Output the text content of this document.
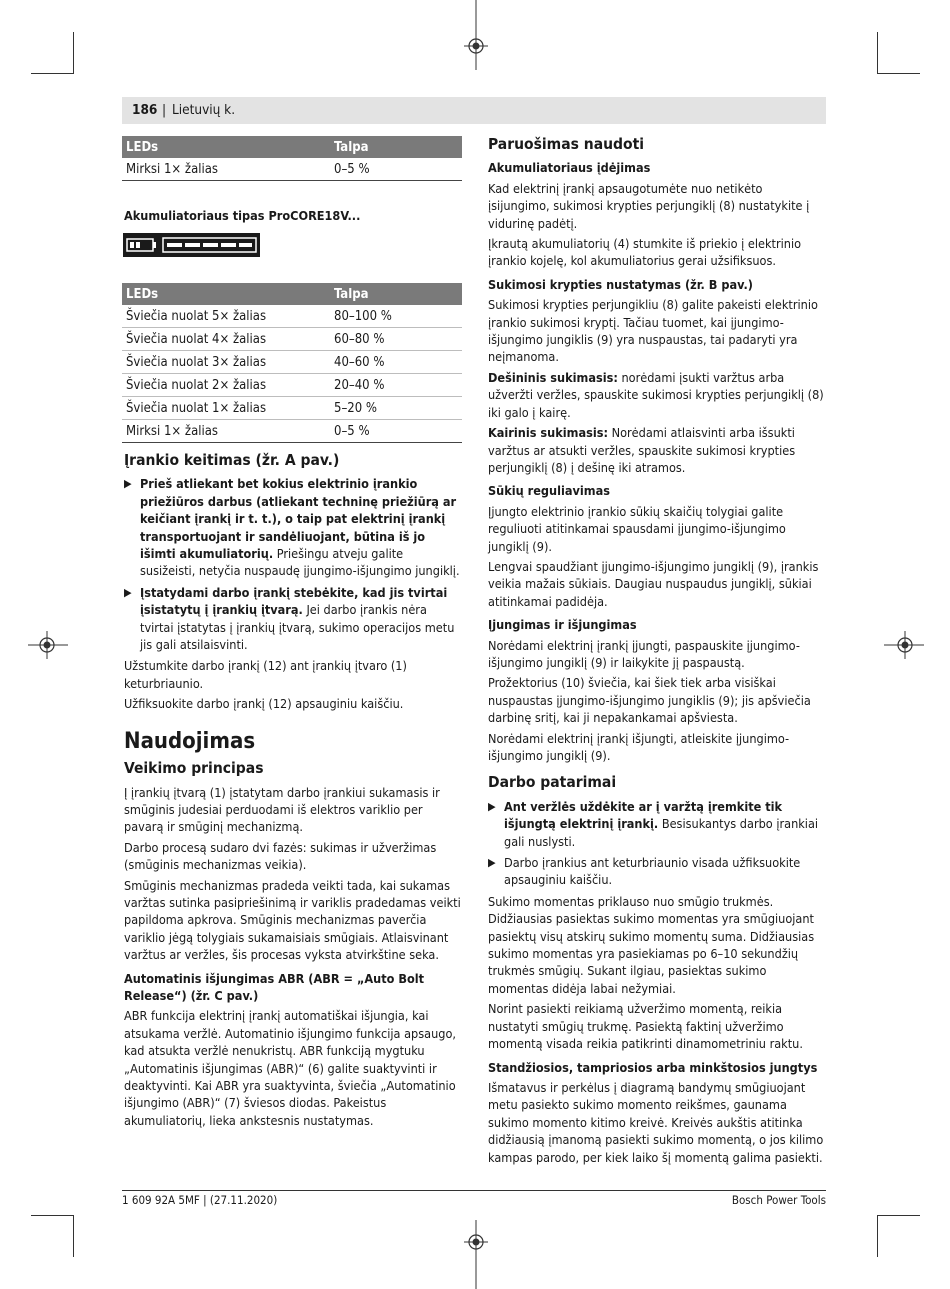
186 | Lietuvių k.
LEDs	Talpa
Mirksi 1× žalias	0–5 %
Akumuliatoriaus tipas ProCORE18V...
LEDs	Talpa
Šviečia nuolat 5× žalias	80–100 %
Šviečia nuolat 4× žalias	60–80 %
Šviečia nuolat 3× žalias	40–60 %
Šviečia nuolat 2× žalias	20–40 %
Šviečia nuolat 1× žalias	5–20 %
Mirksi 1× žalias	0–5 %
Įrankio keitimas (žr. A pav.)
▶ Prieš atliekant bet kokius elektrinio įrankio priežiūros darbus (atliekant techninę priežiūrą ar keičiant įrankį ir t. t.), o taip pat elektrinį įrankį transportuojant ir sandėliuojant, būtina iš jo išimti akumuliatorių. Priešingu atveju galite susižeisti, netyčia nuspaudę įjungimo-išjungimo jungiklį.
▶ Įstatydami darbo įrankį stebėkite, kad jis tvirtai įsistatytų į įrankių įtvarą. Jei darbo įrankis nėra tvirtai įstatytas į įrankių įtvarą, sukimo operacijos metu jis gali atsilaisvinti.

Užstumkite darbo įrankį (12) ant įrankių įtvaro (1) keturbriaunio.

Užfiksuokite darbo įrankį (12) apsauginiu kaiščiu.

Naudojimas
Veikimo principas

Į įrankių įtvarą (1) įstatytam darbo įrankiui sukamasis ir smūginis judesiai perduodami iš elektros variklio per pavarą ir smūginį mechanizmą.

Darbo procesą sudaro dvi fazės: sukimas ir užveržimas (smūginis mechanizmas veikia).

Smūginis mechanizmas pradeda veikti tada, kai sukamas varžtas sutinka pasipriešinimą ir variklis pradedamas veikti papildoma apkrova. Smūginis mechanizmas paverčia variklio jėgą tolygiais sukamaisiais smūgiais. Atlaisvinant varžtus ar veržles, šis procesas vyksta atvirkštine seka.

Automatinis išjungimas ABR (ABR = „Auto Bolt Release“) (žr. C pav.)

ABR funkcija elektrinį įrankį automatiškai išjungia, kai atsukama veržlė. Automatinio išjungimo funkcija apsaugo, kad atsukta veržlė nenukristų. ABR funkciją mygtuku „Automatinis išjungimas (ABR)“ (6) galite suaktyvinti ir deaktyvinti. Kai ABR yra suaktyvinta, šviečia „Automatinio išjungimo (ABR)“ (7) šviesos diodas. Pakeistus akumuliatorių, lieka ankstesnis nustatymas.

Paruošimas naudoti
Akumuliatoriaus įdėjimas

Kad elektrinį įrankį apsaugotumėte nuo netikėto įsijungimo, sukimosi krypties perjungiklį (8) nustatykite į vidurinę padėtį.

Įkrautą akumuliatorių (4) stumkite iš priekio į elektrinio įrankio kojelę, kol akumuliatorius gerai užsifiksuos.

Sukimosi krypties nustatymas (žr. B pav.)

Sukimosi krypties perjungikliu (8) galite pakeisti elektrinio įrankio sukimosi kryptį. Tačiau tuomet, kai įjungimo-išjungimo jungiklis (9) yra nuspaustas, tai padaryti yra neįmanoma.

Dešininis sukimasis: norėdami įsukti varžtus arba užveržti veržles, spauskite sukimosi krypties perjungiklį (8) iki galo į kairę.

Kairinis sukimasis: Norėdami atlaisvinti arba išsukti varžtus ar atsukti veržles, spauskite sukimosi krypties perjungiklį (8) į dešinę iki atramos.

Sūkių reguliavimas

Įjungto elektrinio įrankio sūkių skaičių tolygiai galite reguliuoti atitinkamai spausdami įjungimo-išjungimo jungiklį (9).

Lengvai spaudžiant įjungimo-išjungimo jungiklį (9), įrankis veikia mažais sūkiais. Daugiau nuspaudus jungiklį, sūkiai atitinkamai padidėja.

Įjungimas ir išjungimas

Norėdami elektrinį įrankį įjungti, paspauskite įjungimo-išjungimo jungiklį (9) ir laikykite jį paspaustą.

Prožektorius (10) šviečia, kai šiek tiek arba visiškai nuspaustas įjungimo-išjungimo jungiklis (9); jis apšviečia darbinę sritį, kai ji nepakankamai apšviesta.

Norėdami elektrinį įrankį išjungti, atleiskite įjungimo-išjungimo jungiklį (9).

Darbo patarimai
▶ Ant veržlės uždėkite ar į varžtą įremkite tik išjungtą elektrinį įrankį. Besisukantys darbo įrankiai gali nuslysti.
▶ Darbo įrankius ant keturbriaunio visada užfiksuokite apsauginiu kaiščiu.

Sukimo momentas priklauso nuo smūgio trukmės. Didžiausias pasiektas sukimo momentas yra smūgiuojant pasiektų visų atskirų sukimo momentų suma. Didžiausias sukimo momentas yra pasiekiamas po 6–10 sekundžių trukmės smūgių. Sukant ilgiau, pasiektas sukimo momentas didėja labai nežymiai.

Norint pasiekti reikiamą užveržimo momentą, reikia nustatyti smūgių trukmę. Pasiektą faktinį užveržimo momentą visada reikia patikrinti dinamometriniu raktu.

Standžiosios, tampriosios arba minkštosios jungtys

Išmatavus ir perkėlus į diagramą bandymų smūgiuojant metu pasiekto sukimo momento reikšmes, gaunama sukimo momento kitimo kreivė. Kreivės aukštis atitinka didžiausią įmanomą pasiekti sukimo momentą, o jos kilimo kampas parodo, per kiek laiko šį momentą galima pasiekti.

1 609 92A 5MF | (27.11.2020)	Bosch Power Tools
